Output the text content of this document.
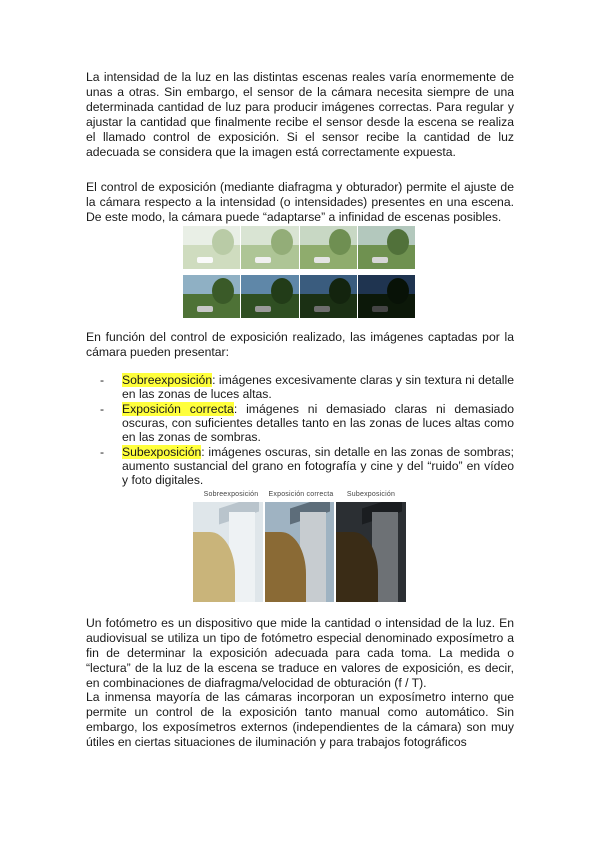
La intensidad de la luz en las distintas escenas reales varía enormemente de unas a otras. Sin embargo, el sensor de la cámara necesita siempre de una determinada cantidad de luz para producir imágenes correctas. Para regular y ajustar la cantidad que finalmente recibe el sensor desde la escena se realiza el llamado control de exposición. Si el sensor recibe la cantidad de luz adecuada se considera que la imagen está correctamente expuesta.

El control de exposición (mediante diafragma y obturador) permite el ajuste de la cámara respecto a la intensidad (o intensidades) presentes en una escena. De este modo, la cámara puede “adaptarse” a infinidad de escenas posibles.

En función del control de exposición realizado, las imágenes captadas por la cámara pueden presentar:

- Sobreexposición: imágenes excesivamente claras y sin textura ni detalle en las zonas de luces altas.
- Exposición correcta: imágenes ni demasiado claras ni demasiado oscuras, con suficientes detalles tanto en las zonas de luces altas como en las zonas de sombras.
- Subexposición: imágenes oscuras, sin detalle en las zonas de sombras; aumento sustancial del grano en fotografía y cine y del “ruido” en vídeo y foto digitales.
Sobreexposición	Exposición correcta	Subexposición

Un fotómetro es un dispositivo que mide la cantidad o intensidad de la luz. En audiovisual se utiliza un tipo de fotómetro especial denominado exposímetro a fin de determinar la exposición adecuada para cada toma. La medida o “lectura” de la luz de la escena se traduce en valores de exposición, es decir, en combinaciones de diafragma/velocidad de obturación (f / T).

La inmensa mayoría de las cámaras incorporan un exposímetro interno que permite un control de la exposición tanto manual como automático. Sin embargo, los exposímetros externos (independientes de la cámara) son muy útiles en ciertas situaciones de iluminación y para trabajos fotográficos
